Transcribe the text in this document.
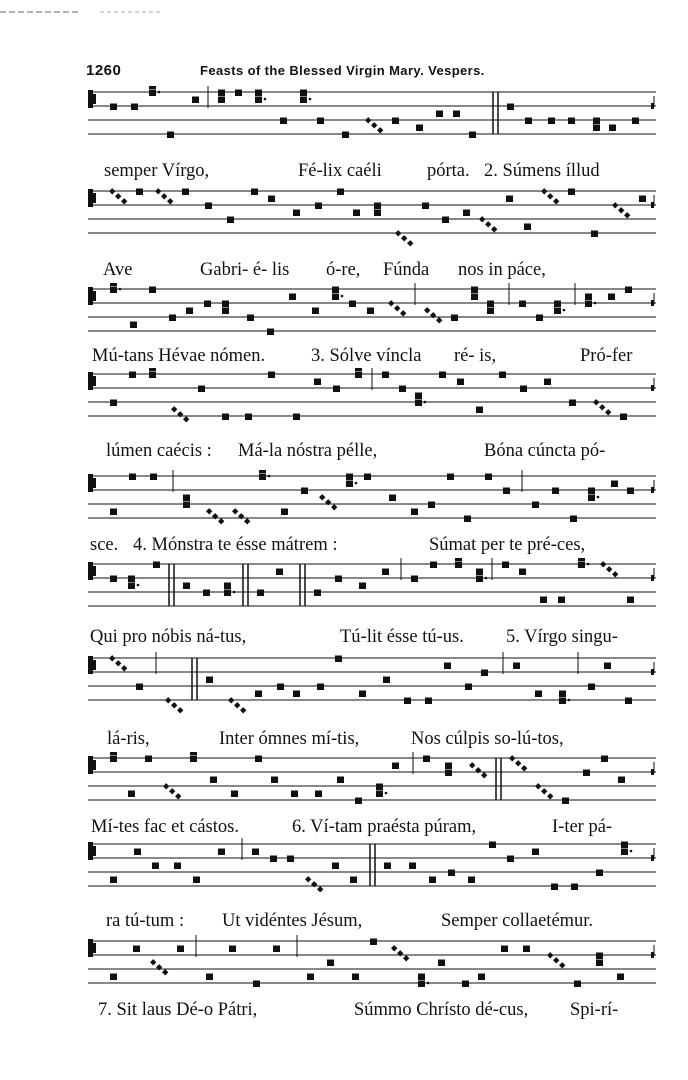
1260	Feasts of the Blessed Virgin Mary. Vespers.
semper Vírgo,	Fé-lix caéli pórta. 2. Súmens íllud
Ave	Gabri- é- lis ó-re, Fúnda nos in páce,
Mú-tans Hévae nómen. 3. Sólve víncla ré- is,	Pró-fer
lúmen caécis : Má-la nóstra pélle,	Bóna cúncta pó-
sce. 4. Mónstra te ésse mátrem :	Súmat per te pré-ces,
Qui pro nóbis ná-tus,	Tú-lit ésse tú-us. 5. Vírgo singu-
lá-ris,	Inter ómnes mí-tis,	Nos cúlpis so-lú-tos,
Mí-tes fac et cástos.	6. Ví-tam praésta púram,	I-ter pá-
ra tú-tum : Ut vidéntes Jésum,	Semper collaetémur.
7. Sit laus Dé-o Pátri,	Súmmo Chrísto dé-cus, Spi-rí-
